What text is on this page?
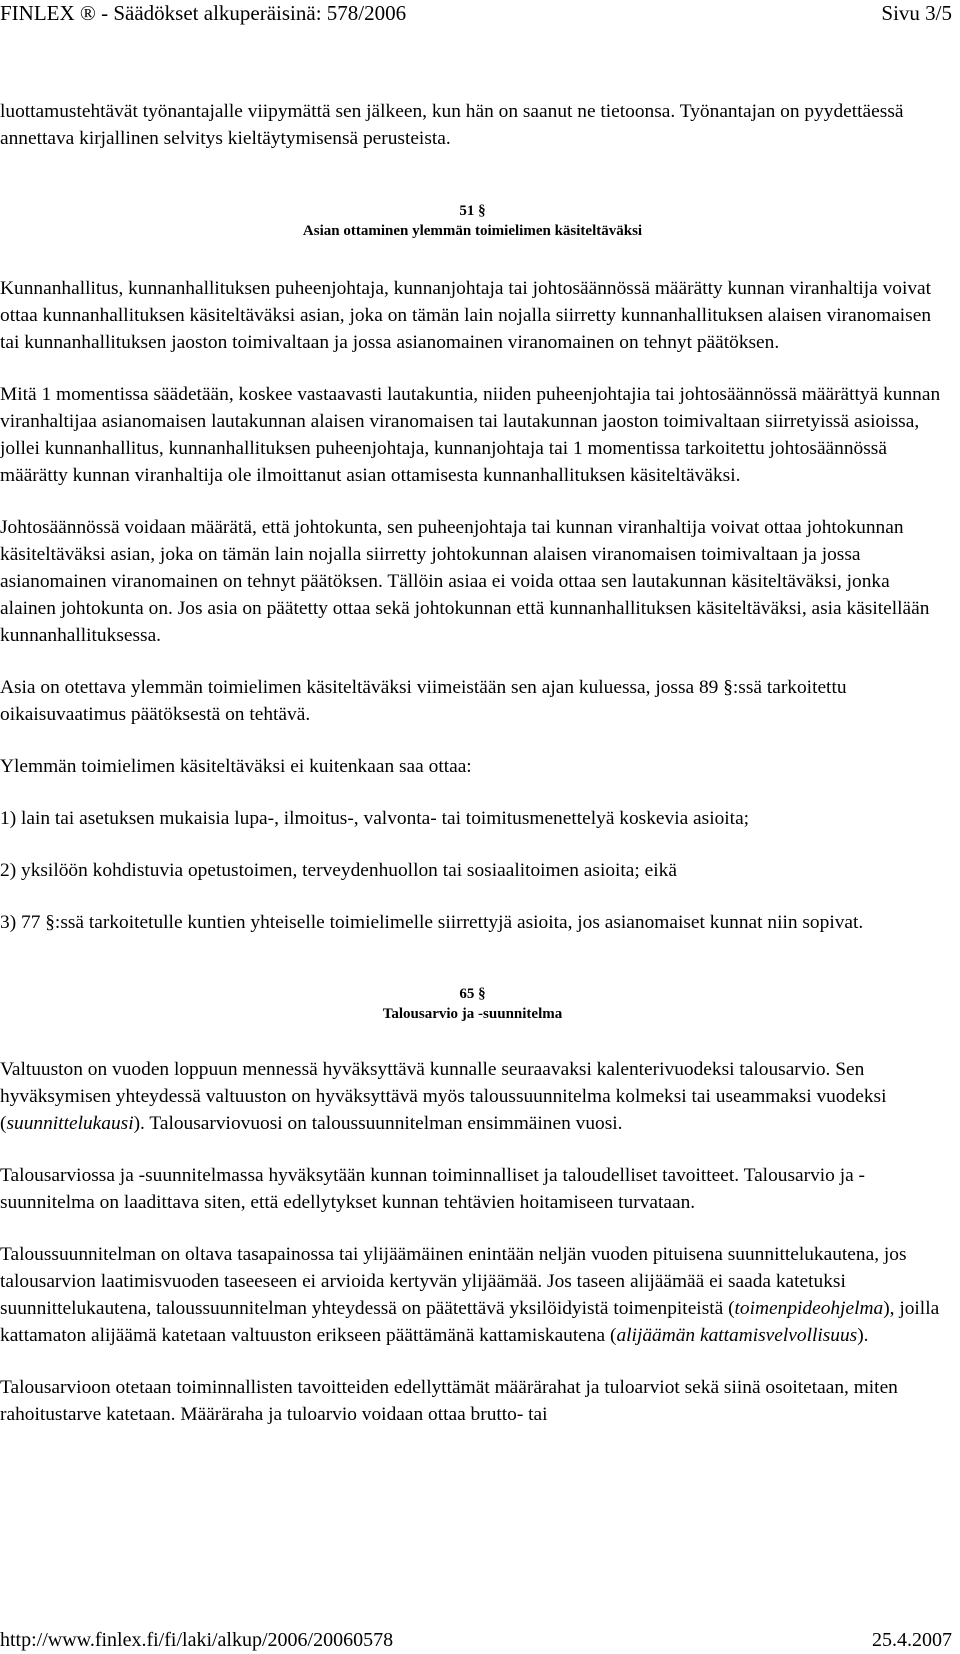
FINLEX ® - Säädökset alkuperäisinä: 578/2006	Sivu 3/5

luottamustehtävät työnantajalle viipymättä sen jälkeen, kun hän on saanut ne tietoonsa. Työnantajan on pyydettäessä annettava kirjallinen selvitys kieltäytymisensä perusteista.

51 §
Asian ottaminen ylemmän toimielimen käsiteltäväksi

Kunnanhallitus, kunnanhallituksen puheenjohtaja, kunnanjohtaja tai johtosäännössä määrätty kunnan viranhaltija voivat ottaa kunnanhallituksen käsiteltäväksi asian, joka on tämän lain nojalla siirretty kunnanhallituksen alaisen viranomaisen tai kunnanhallituksen jaoston toimivaltaan ja jossa asianomainen viranomainen on tehnyt päätöksen.

Mitä 1 momentissa säädetään, koskee vastaavasti lautakuntia, niiden puheenjohtajia tai johtosäännössä määrättyä kunnan viranhaltijaa asianomaisen lautakunnan alaisen viranomaisen tai lautakunnan jaoston toimivaltaan siirretyissä asioissa, jollei kunnanhallitus, kunnanhallituksen puheenjohtaja, kunnanjohtaja tai 1 momentissa tarkoitettu johtosäännössä määrätty kunnan viranhaltija ole ilmoittanut asian ottamisesta kunnanhallituksen käsiteltäväksi.

Johtosäännössä voidaan määrätä, että johtokunta, sen puheenjohtaja tai kunnan viranhaltija voivat ottaa johtokunnan käsiteltäväksi asian, joka on tämän lain nojalla siirretty johtokunnan alaisen viranomaisen toimivaltaan ja jossa asianomainen viranomainen on tehnyt päätöksen. Tällöin asiaa ei voida ottaa sen lautakunnan käsiteltäväksi, jonka alainen johtokunta on. Jos asia on päätetty ottaa sekä johtokunnan että kunnanhallituksen käsiteltäväksi, asia käsitellään kunnanhallituksessa.

Asia on otettava ylemmän toimielimen käsiteltäväksi viimeistään sen ajan kuluessa, jossa 89 §:ssä tarkoitettu oikaisuvaatimus päätöksestä on tehtävä.

Ylemmän toimielimen käsiteltäväksi ei kuitenkaan saa ottaa:

1) lain tai asetuksen mukaisia lupa-, ilmoitus-, valvonta- tai toimitusmenettelyä koskevia asioita;

2) yksilöön kohdistuvia opetustoimen, terveydenhuollon tai sosiaalitoimen asioita; eikä

3) 77 §:ssä tarkoitetulle kuntien yhteiselle toimielimelle siirrettyjä asioita, jos asianomaiset kunnat niin sopivat.

65 §
Talousarvio ja -suunnitelma

Valtuuston on vuoden loppuun mennessä hyväksyttävä kunnalle seuraavaksi kalenterivuodeksi talousarvio. Sen hyväksymisen yhteydessä valtuuston on hyväksyttävä myös taloussuunnitelma kolmeksi tai useammaksi vuodeksi (suunnittelukausi). Talousarviovuosi on taloussuunnitelman ensimmäinen vuosi.

Talousarviossa ja -suunnitelmassa hyväksytään kunnan toiminnalliset ja taloudelliset tavoitteet. Talousarvio ja -suunnitelma on laadittava siten, että edellytykset kunnan tehtävien hoitamiseen turvataan.

Taloussuunnitelman on oltava tasapainossa tai ylijäämäinen enintään neljän vuoden pituisena suunnittelukautena, jos talousarvion laatimisvuoden taseeseen ei arvioida kertyvän ylijäämää. Jos taseen alijäämää ei saada katetuksi suunnittelukautena, taloussuunnitelman yhteydessä on päätettävä yksilöidyistä toimenpiteistä (toimenpideohjelma), joilla kattamaton alijäämä katetaan valtuuston erikseen päättämänä kattamiskautena (alijäämän kattamisvelvollisuus).

Talousarvioon otetaan toiminnallisten tavoitteiden edellyttämät määrärahat ja tuloarviot sekä siinä osoitetaan, miten rahoitustarve katetaan. Määräraha ja tuloarvio voidaan ottaa brutto- tai

http://www.finlex.fi/fi/laki/alkup/2006/20060578	25.4.2007
